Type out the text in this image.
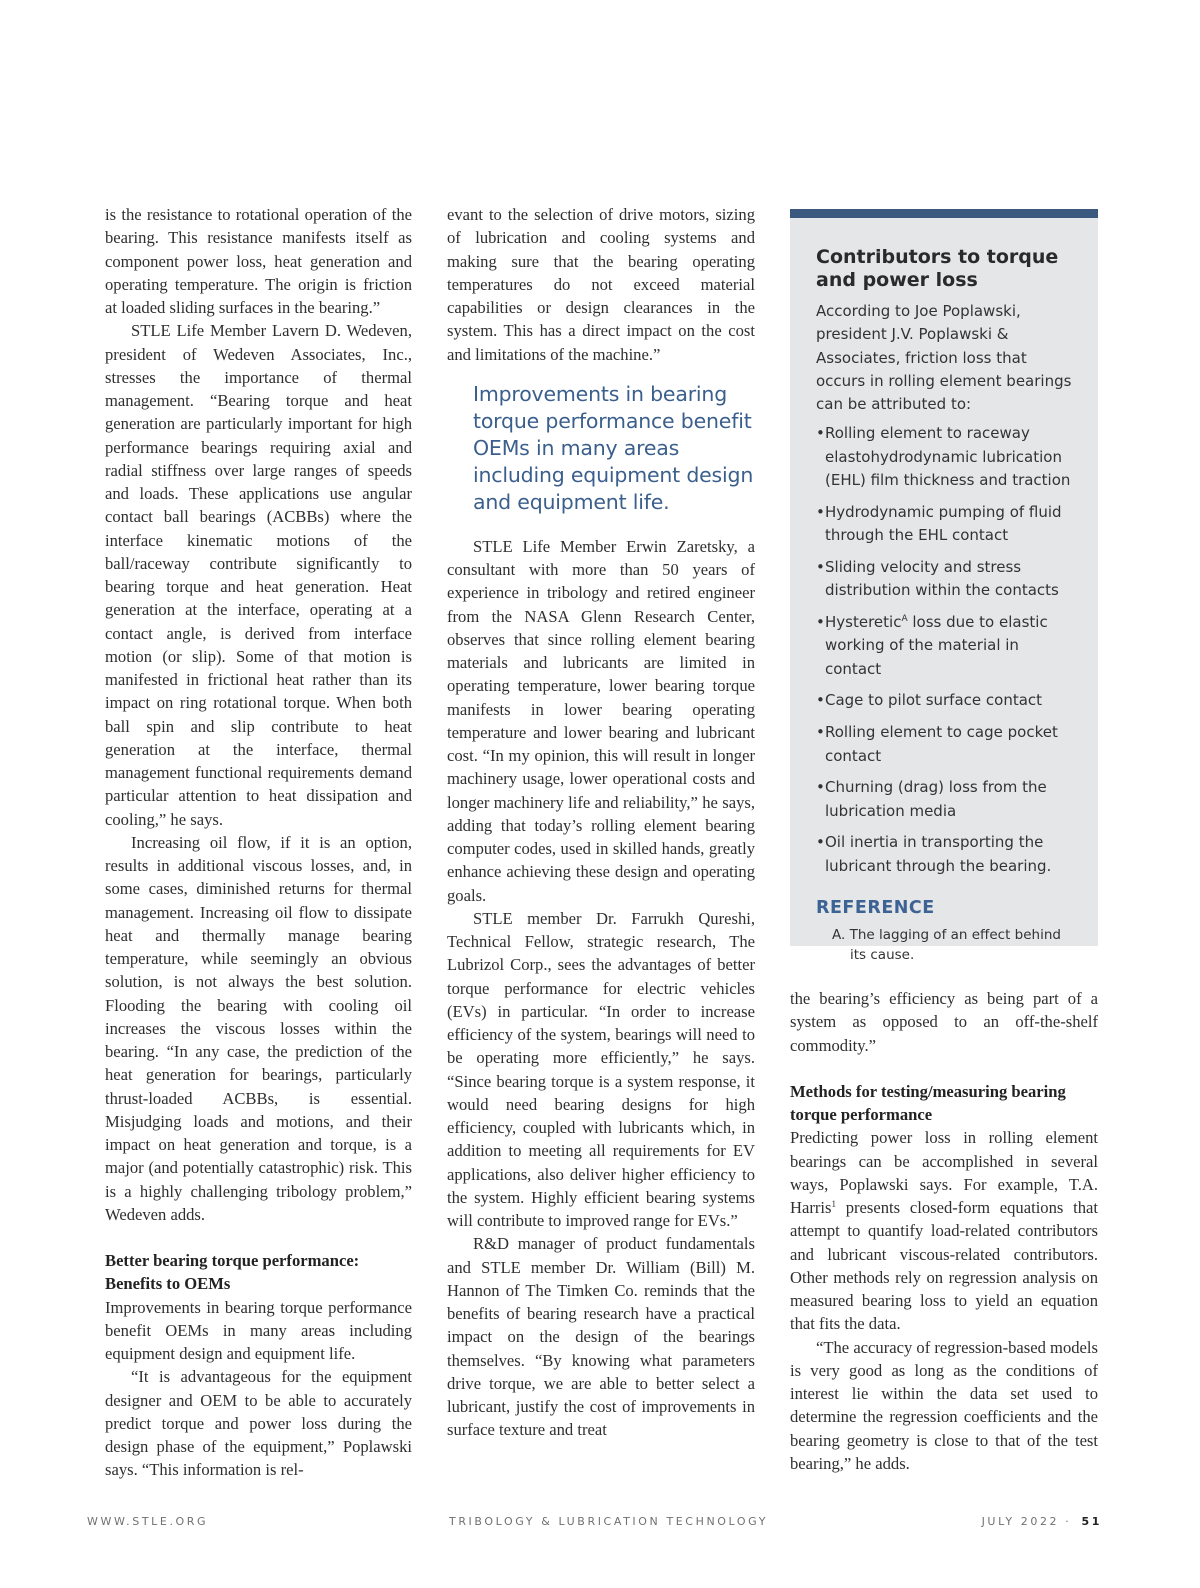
is the resistance to rotational operation of the bearing. This resistance manifests itself as component power loss, heat generation and operating temperature. The origin is friction at loaded sliding surfaces in the bearing.”

STLE Life Member Lavern D. Wedeven, president of Wedeven Associates, Inc., stresses the importance of thermal management. “Bearing torque and heat generation are particularly important for high performance bearings requiring axial and radial stiffness over large ranges of speeds and loads. These applications use angular contact ball bearings (ACBBs) where the interface kinematic motions of the ball/raceway contribute significantly to bearing torque and heat generation. Heat generation at the interface, operating at a contact angle, is derived from interface motion (or slip). Some of that motion is manifested in frictional heat rather than its impact on ring rotational torque. When both ball spin and slip contribute to heat generation at the interface, thermal management functional requirements demand particular attention to heat dissipation and cooling,” he says.

Increasing oil flow, if it is an option, results in additional viscous losses, and, in some cases, diminished returns for thermal management. Increasing oil flow to dissipate heat and thermally manage bearing temperature, while seemingly an obvious solution, is not always the best solution. Flooding the bearing with cooling oil increases the viscous losses within the bearing. “In any case, the prediction of the heat generation for bearings, particularly thrust-loaded ACBBs, is essential. Misjudging loads and motions, and their impact on heat generation and torque, is a major (and potentially catastrophic) risk. This is a highly challenging tribology problem,” Wedeven adds.

Better bearing torque performance: Benefits to OEMs

Improvements in bearing torque performance benefit OEMs in many areas including equipment design and equipment life.

“It is advantageous for the equipment designer and OEM to be able to accurately predict torque and power loss during the design phase of the equipment,” Poplawski says. “This information is rel-

evant to the selection of drive motors, sizing of lubrication and cooling systems and making sure that the bearing operating temperatures do not exceed material capabilities or design clearances in the system. This has a direct impact on the cost and limitations of the machine.”

Improvements in bearing torque performance benefit OEMs in many areas including equipment design and equipment life.

STLE Life Member Erwin Zaretsky, a consultant with more than 50 years of experience in tribology and retired engineer from the NASA Glenn Research Center, observes that since rolling element bearing materials and lubricants are limited in operating temperature, lower bearing torque manifests in lower bearing operating temperature and lower bearing and lubricant cost. “In my opinion, this will result in longer machinery usage, lower operational costs and longer machinery life and reliability,” he says, adding that today’s rolling element bearing computer codes, used in skilled hands, greatly enhance achieving these design and operating goals.

STLE member Dr. Farrukh Qureshi, Technical Fellow, strategic research, The Lubrizol Corp., sees the advantages of better torque performance for electric vehicles (EVs) in particular. “In order to increase efficiency of the system, bearings will need to be operating more efficiently,” he says. “Since bearing torque is a system response, it would need bearing designs for high efficiency, coupled with lubricants which, in addition to meeting all requirements for EV applications, also deliver higher efficiency to the system. Highly efficient bearing systems will contribute to improved range for EVs.”

R&D manager of product fundamentals and STLE member Dr. William (Bill) M. Hannon of The Timken Co. reminds that the benefits of bearing research have a practical impact on the design of the bearings themselves. “By knowing what parameters drive torque, we are able to better select a lubricant, justify the cost of improvements in surface texture and treat

Contributors to torque and power loss
According to Joe Poplawski, president J.V. Poplawski & Associates, friction loss that occurs in rolling element bearings can be attributed to:
• Rolling element to raceway elastohydrodynamic lubrication (EHL) film thickness and traction
• Hydrodynamic pumping of fluid through the EHL contact
• Sliding velocity and stress distribution within the contacts
• Hysteretic$^A$ loss due to elastic working of the material in contact
• Cage to pilot surface contact
• Rolling element to cage pocket contact
• Churning (drag) loss from the lubrication media
• Oil inertia in transporting the lubricant through the bearing.
REFERENCE
A. The lagging of an effect behind its cause.

the bearing’s efficiency as being part of a system as opposed to an off-the-shelf commodity.”

Methods for testing/measuring bearing torque performance

Predicting power loss in rolling element bearings can be accomplished in several ways, Poplawski says. For example, T.A. Harris$^1$ presents closed-form equations that attempt to quantify load-related contributors and lubricant viscous-related contributors. Other methods rely on regression analysis on measured bearing loss to yield an equation that fits the data.

“The accuracy of regression-based models is very good as long as the conditions of interest lie within the data set used to determine the regression coefficients and the bearing geometry is close to that of the test bearing,” he adds.

WWW.STLE.ORG	TRIBOLOGY & LUBRICATION TECHNOLOGY	JULY 2022 · 51
